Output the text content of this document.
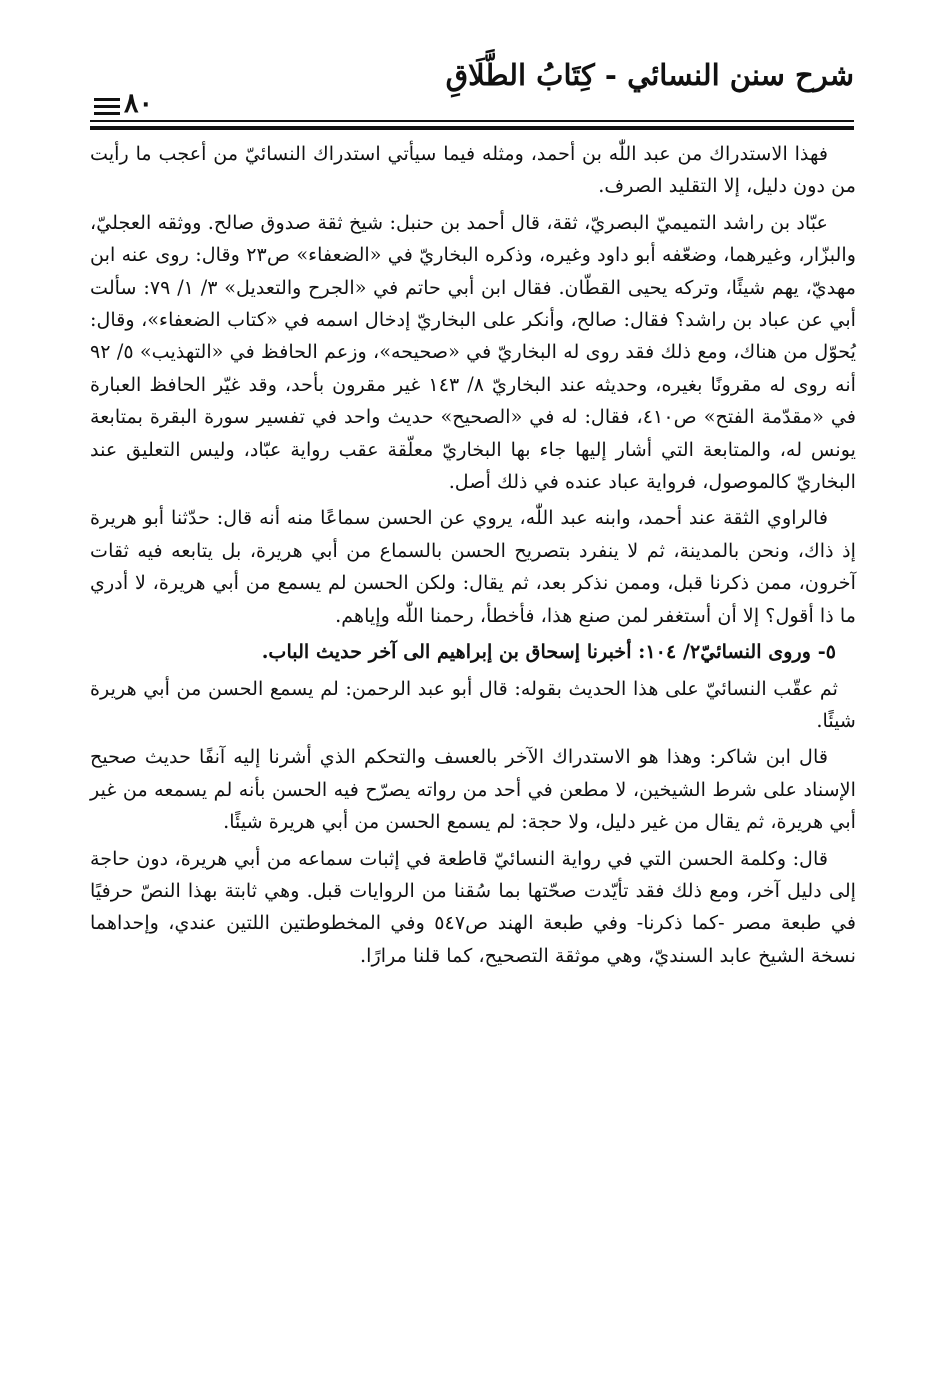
شرح سنن النسائي - كِتَابُ الطَّلَاقِ
٨٠

فهذا الاستدراك من عبد اللّٰه بن أحمد، ومثله فيما سيأتي استدراك النسائيّ من أعجب ما رأيت من دون دليل، إلا التقليد الصرف.

عبّاد بن راشد التميميّ البصريّ، ثقة، قال أحمد بن حنبل: شيخ ثقة صدوق صالح. ووثقه العجليّ، والبزّار، وغيرهما، وضعّفه أبو داود وغيره، وذكره البخاريّ في «الضعفاء» ص٢٣ وقال: روى عنه ابن مهديّ، يهم شيئًا، وتركه يحيى القطّان. فقال ابن أبي حاتم في «الجرح والتعديل» ٣/ ١/ ٧٩: سألت أبي عن عباد بن راشد؟ فقال: صالح، وأنكر على البخاريّ إدخال اسمه في «كتاب الضعفاء»، وقال: يُحوّل من هناك، ومع ذلك فقد روى له البخاريّ في «صحيحه»، وزعم الحافظ في «التهذيب» ٥/ ٩٢ أنه روى له مقرونًا بغيره، وحديثه عند البخاريّ ٨/ ١٤٣ غير مقرون بأحد، وقد غيّر الحافظ العبارة في «مقدّمة الفتح» ص٤١٠، فقال: له في «الصحيح» حديث واحد في تفسير سورة البقرة بمتابعة يونس له، والمتابعة التي أشار إليها جاء بها البخاريّ معلّقة عقب رواية عبّاد، وليس التعليق عند البخاريّ كالموصول، فرواية عباد عنده في ذلك أصل.

فالراوي الثقة عند أحمد، وابنه عبد اللّٰه، يروي عن الحسن سماعًا منه أنه قال: حدّثنا أبو هريرة إذ ذاك، ونحن بالمدينة، ثم لا ينفرد بتصريح الحسن بالسماع من أبي هريرة، بل يتابعه فيه ثقات آخرون، ممن ذكرنا قبل، وممن نذكر بعد، ثم يقال: ولكن الحسن لم يسمع من أبي هريرة، لا أدري ما ذا أقول؟ إلا أن أستغفر لمن صنع هذا، فأخطأ، رحمنا اللّٰه وإياهم.

٥- وروى النسائيّ٢/ ١٠٤: أخبرنا إسحاق بن إبراهيم الى آخر حديث الباب.

ثم عقّب النسائيّ على هذا الحديث بقوله: قال أبو عبد الرحمن: لم يسمع الحسن من أبي هريرة شيئًا.

قال ابن شاكر: وهذا هو الاستدراك الآخر بالعسف والتحكم الذي أشرنا إليه آنفًا حديث صحيح الإسناد على شرط الشيخين، لا مطعن في أحد من رواته يصرّح فيه الحسن بأنه لم يسمعه من غير أبي هريرة، ثم يقال من غير دليل، ولا حجة: لم يسمع الحسن من أبي هريرة شيئًا.

قال: وكلمة الحسن التي في رواية النسائيّ قاطعة في إثبات سماعه من أبي هريرة، دون حاجة إلى دليل آخر، ومع ذلك فقد تأيّدت صحّتها بما سُقنا من الروايات قبل. وهي ثابتة بهذا النصّ حرفيًا في طبعة مصر -كما ذكرنا- وفي طبعة الهند ص٥٤٧ وفي المخطوطتين اللتين عندي، وإحداهما نسخة الشيخ عابد السنديّ، وهي موثقة التصحيح، كما قلنا مرارًا.
